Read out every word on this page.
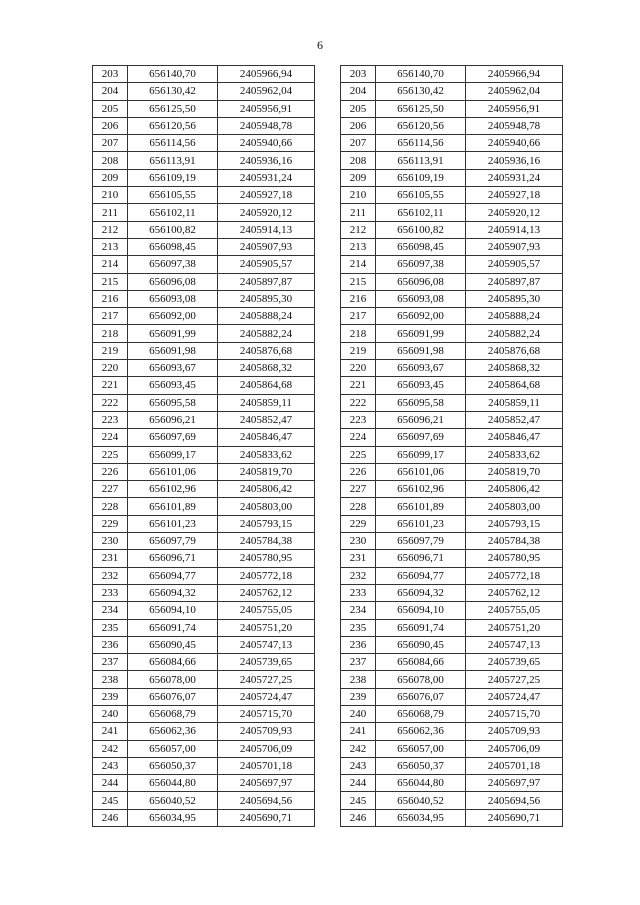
6
203	656140,70	2405966,94
204	656130,42	2405962,04
205	656125,50	2405956,91
206	656120,56	2405948,78
207	656114,56	2405940,66
208	656113,91	2405936,16
209	656109,19	2405931,24
210	656105,55	2405927,18
211	656102,11	2405920,12
212	656100,82	2405914,13
213	656098,45	2405907,93
214	656097,38	2405905,57
215	656096,08	2405897,87
216	656093,08	2405895,30
217	656092,00	2405888,24
218	656091,99	2405882,24
219	656091,98	2405876,68
220	656093,67	2405868,32
221	656093,45	2405864,68
222	656095,58	2405859,11
223	656096,21	2405852,47
224	656097,69	2405846,47
225	656099,17	2405833,62
226	656101,06	2405819,70
227	656102,96	2405806,42
228	656101,89	2405803,00
229	656101,23	2405793,15
230	656097,79	2405784,38
231	656096,71	2405780,95
232	656094,77	2405772,18
233	656094,32	2405762,12
234	656094,10	2405755,05
235	656091,74	2405751,20
236	656090,45	2405747,13
237	656084,66	2405739,65
238	656078,00	2405727,25
239	656076,07	2405724,47
240	656068,79	2405715,70
241	656062,36	2405709,93
242	656057,00	2405706,09
243	656050,37	2405701,18
244	656044,80	2405697,97
245	656040,52	2405694,56
246	656034,95	2405690,71
203	656140,70	2405966,94
204	656130,42	2405962,04
205	656125,50	2405956,91
206	656120,56	2405948,78
207	656114,56	2405940,66
208	656113,91	2405936,16
209	656109,19	2405931,24
210	656105,55	2405927,18
211	656102,11	2405920,12
212	656100,82	2405914,13
213	656098,45	2405907,93
214	656097,38	2405905,57
215	656096,08	2405897,87
216	656093,08	2405895,30
217	656092,00	2405888,24
218	656091,99	2405882,24
219	656091,98	2405876,68
220	656093,67	2405868,32
221	656093,45	2405864,68
222	656095,58	2405859,11
223	656096,21	2405852,47
224	656097,69	2405846,47
225	656099,17	2405833,62
226	656101,06	2405819,70
227	656102,96	2405806,42
228	656101,89	2405803,00
229	656101,23	2405793,15
230	656097,79	2405784,38
231	656096,71	2405780,95
232	656094,77	2405772,18
233	656094,32	2405762,12
234	656094,10	2405755,05
235	656091,74	2405751,20
236	656090,45	2405747,13
237	656084,66	2405739,65
238	656078,00	2405727,25
239	656076,07	2405724,47
240	656068,79	2405715,70
241	656062,36	2405709,93
242	656057,00	2405706,09
243	656050,37	2405701,18
244	656044,80	2405697,97
245	656040,52	2405694,56
246	656034,95	2405690,71
